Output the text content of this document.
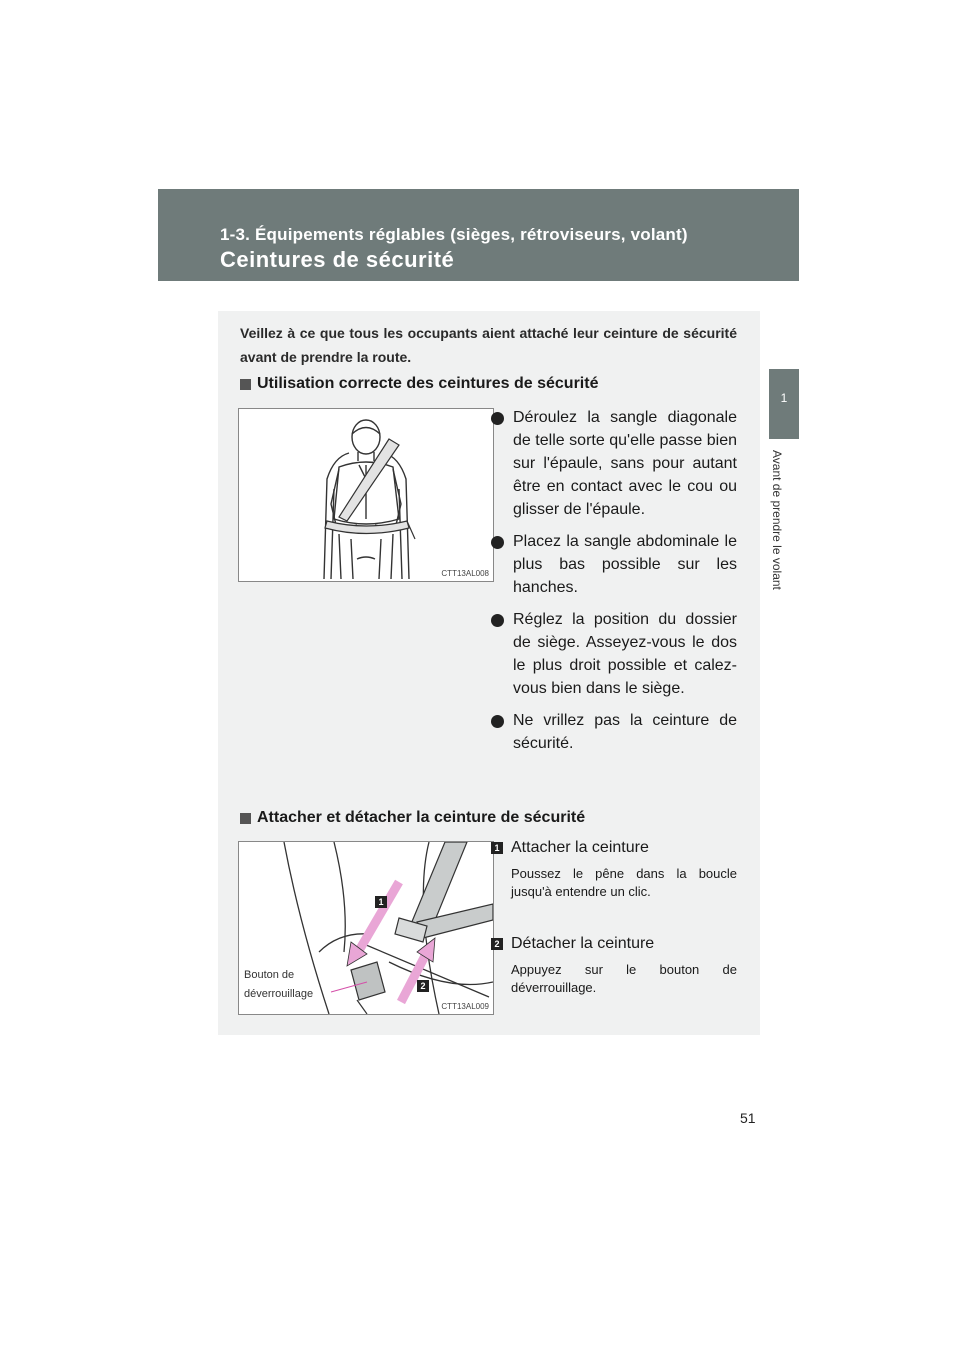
1-3. Équipements réglables (sièges, rétroviseurs, volant)
Ceintures de sécurité
1
Avant de prendre le volant
Veillez à ce que tous les occupants aient attaché leur ceinture de sécurité avant de prendre la route.
Utilisation correcte des ceintures de sécurité
CTT13AL008
Déroulez la sangle diagonale de telle sorte qu'elle passe bien sur l'épaule, sans pour autant être en contact avec le cou ou glisser de l'épaule.
Placez la sangle abdominale le plus bas possible sur les hanches.
Réglez la position du dossier de siège. Asseyez-vous le dos le plus droit possible et calez-vous bien dans le siège.
Ne vrillez pas la ceinture de sécurité.
Attacher et détacher la ceinture de sécurité
1
2
Bouton de
déverrouillage
CTT13AL009
1 Attacher la ceinture
Poussez le pêne dans la boucle jusqu'à entendre un clic.
2 Détacher la ceinture
Appuyez sur le bouton de déverrouillage.
51
